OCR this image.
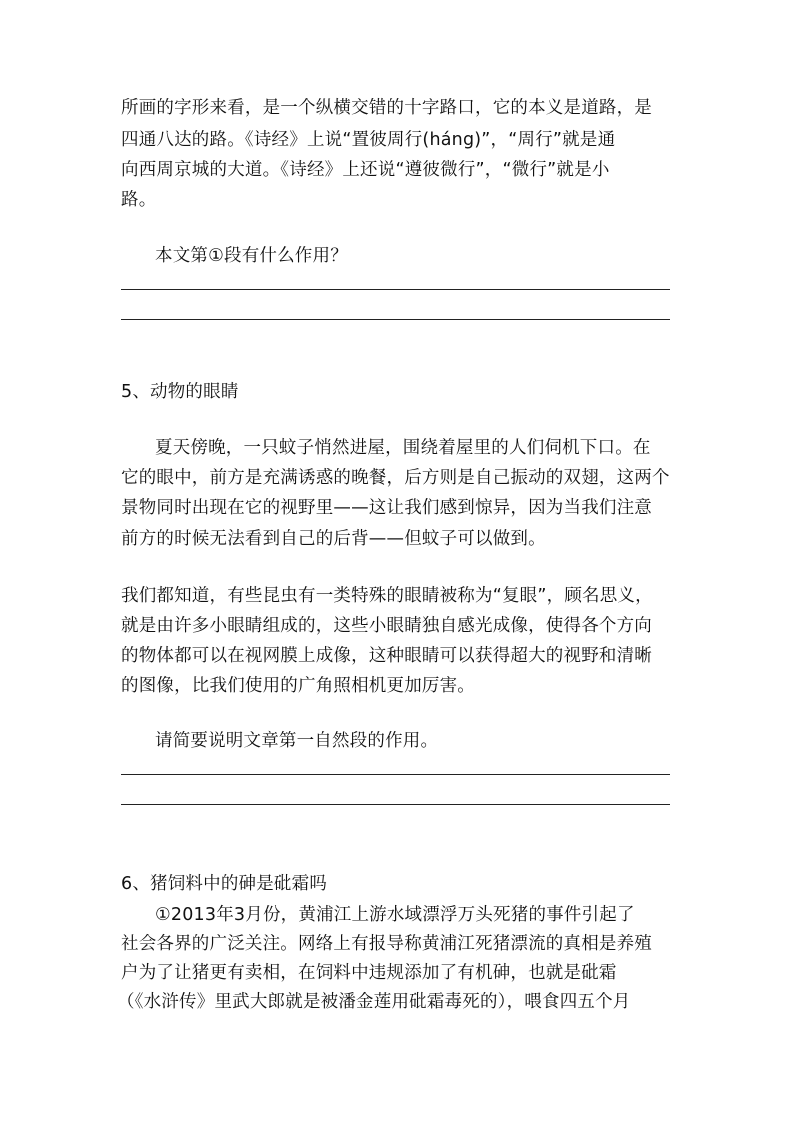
所画的字形来看，是一个纵横交错的十字路口，它的本义是道路，是
四通八达的路。《诗经》上说“置彼周行(háng)”，“周行”就是通
向西周京城的大道。《诗经》上还说“遵彼微行”，“微行”就是小
路。
本文第①段有什么作用？
5、动物的眼睛
夏天傍晚，一只蚊子悄然进屋，围绕着屋里的人们伺机下口。在
它的眼中，前方是充满诱惑的晚餐，后方则是自己振动的双翅，这两个
景物同时出现在它的视野里——这让我们感到惊异，因为当我们注意
前方的时候无法看到自己的后背——但蚊子可以做到。
我们都知道，有些昆虫有一类特殊的眼睛被称为“复眼”，顾名思义，
就是由许多小眼睛组成的，这些小眼睛独自感光成像，使得各个方向
的物体都可以在视网膜上成像，这种眼睛可以获得超大的视野和清晰
的图像，比我们使用的广角照相机更加厉害。
请简要说明文章第一自然段的作用。
6、猪饲料中的砷是砒霜吗
①2013年3月份，黄浦江上游水域漂浮万头死猪的事件引起了
社会各界的广泛关注。网络上有报导称黄浦江死猪漂流的真相是养殖
户为了让猪更有卖相，在饲料中违规添加了有机砷，也就是砒霜
（《水浒传》里武大郎就是被潘金莲用砒霜毒死的），喂食四五个月
